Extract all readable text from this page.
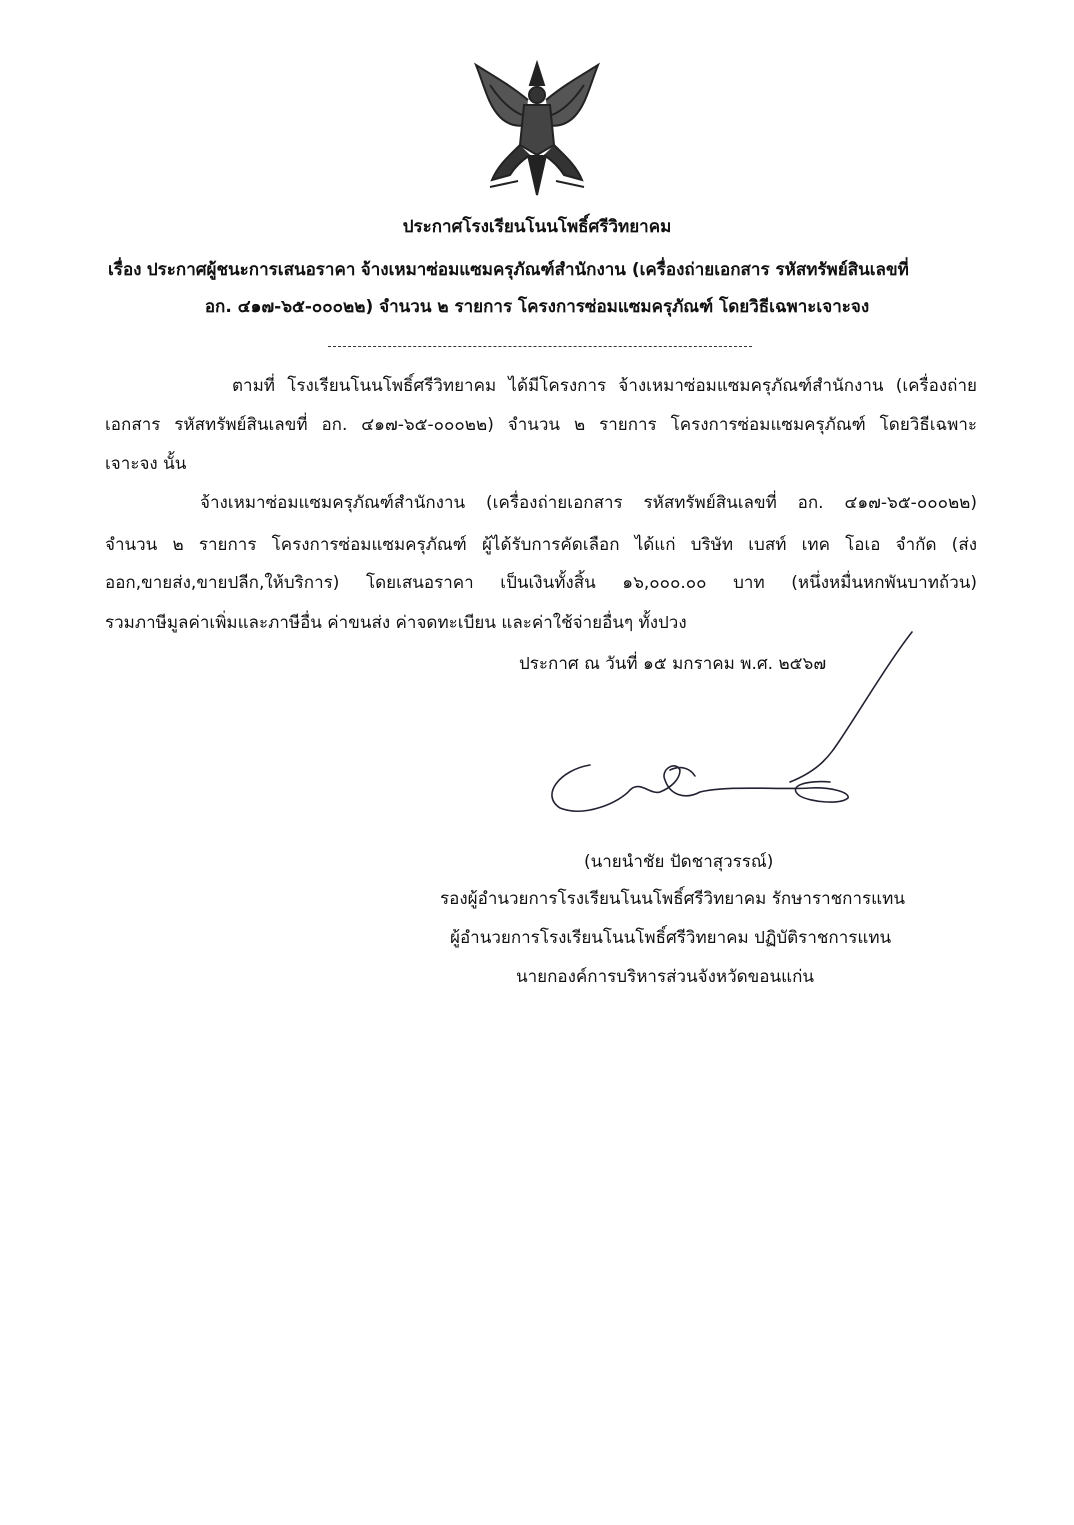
ประกาศโรงเรียนโนนโพธิ์ศรีวิทยาคม
เรื่อง ประกาศผู้ชนะการเสนอราคา จ้างเหมาซ่อมแซมครุภัณฑ์สำนักงาน (เครื่องถ่ายเอกสาร รหัสทรัพย์สินเลขที่
อก. ๔๑๗-๖๕-๐๐๐๒๒) จำนวน ๒ รายการ โครงการซ่อมแซมครุภัณฑ์ โดยวิธีเฉพาะเจาะจง
ตามที่ โรงเรียนโนนโพธิ์ศรีวิทยาคม ได้มีโครงการ จ้างเหมาซ่อมแซมครุภัณฑ์สำนักงาน (เครื่องถ่าย
เอกสาร รหัสทรัพย์สินเลขที่ อก. ๔๑๗-๖๕-๐๐๐๒๒) จำนวน ๒ รายการ โครงการซ่อมแซมครุภัณฑ์ โดยวิธีเฉพาะ
เจาะจง นั้น
จ้างเหมาซ่อมแซมครุภัณฑ์สำนักงาน (เครื่องถ่ายเอกสาร รหัสทรัพย์สินเลขที่ อก. ๔๑๗-๖๕-๐๐๐๒๒)
จำนวน ๒ รายการ โครงการซ่อมแซมครุภัณฑ์ ผู้ได้รับการคัดเลือก ได้แก่ บริษัท เบสท์ เทค โอเอ จำกัด (ส่ง
ออก,ขายส่ง,ขายปลีก,ให้บริการ) โดยเสนอราคา เป็นเงินทั้งสิ้น ๑๖,๐๐๐.๐๐ บาท (หนึ่งหมื่นหกพันบาทถ้วน)
รวมภาษีมูลค่าเพิ่มและภาษีอื่น ค่าขนส่ง ค่าจดทะเบียน และค่าใช้จ่ายอื่นๆ ทั้งปวง
ประกาศ ณ วันที่ ๑๕ มกราคม พ.ศ. ๒๕๖๗
(นายนำชัย ปัดชาสุวรรณ์)
รองผู้อำนวยการโรงเรียนโนนโพธิ์ศรีวิทยาคม รักษาราชการแทน
ผู้อำนวยการโรงเรียนโนนโพธิ์ศรีวิทยาคม ปฏิบัติราชการแทน
นายกองค์การบริหารส่วนจังหวัดขอนแก่น
